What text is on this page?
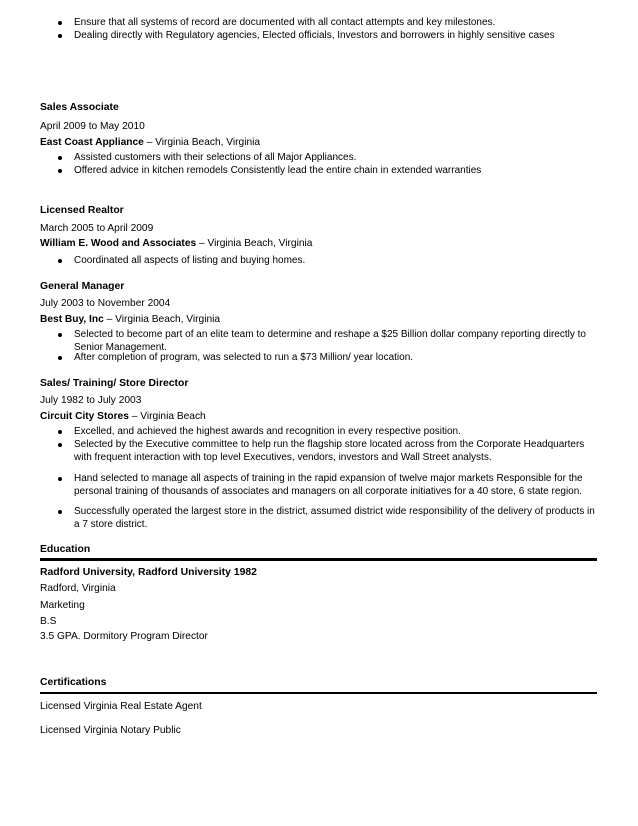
Ensure that all systems of record are documented with all contact attempts and key milestones.
Dealing directly with Regulatory agencies, Elected officials, Investors and borrowers in highly sensitive cases
Sales Associate
April 2009 to May 2010
East Coast Appliance – Virginia Beach, Virginia
Assisted customers with their selections of all Major Appliances.
Offered advice in kitchen remodels Consistently lead the entire chain in extended warranties
Licensed Realtor
March 2005 to April 2009
William E. Wood and Associates – Virginia Beach, Virginia
Coordinated all aspects of listing and buying homes.
General Manager
July 2003 to November 2004
Best Buy, Inc – Virginia Beach, Virginia
Selected to become part of an elite team to determine and reshape a $25 Billion dollar company reporting directly to Senior Management.
After completion of program, was selected to run a $73 Million/ year location.
Sales/ Training/ Store Director
July 1982 to July 2003
Circuit City Stores – Virginia Beach
Excelled, and achieved the highest awards and recognition in every respective position.
Selected by the Executive committee to help run the flagship store located across from the Corporate Headquarters with frequent interaction with top level Executives, vendors, investors and Wall Street analysts.
Hand selected to manage all aspects of training in the rapid expansion of twelve major markets Responsible for the personal training of thousands of associates and managers on all corporate initiatives for a 40 store, 6 state region.
Successfully operated the largest store in the district, assumed district wide responsibility of the delivery of products in a 7 store district.
Education
Radford University, Radford University 1982
Radford, Virginia
Marketing
B.S
3.5 GPA. Dormitory Program Director
Certifications
Licensed Virginia Real Estate Agent
Licensed Virginia Notary Public
